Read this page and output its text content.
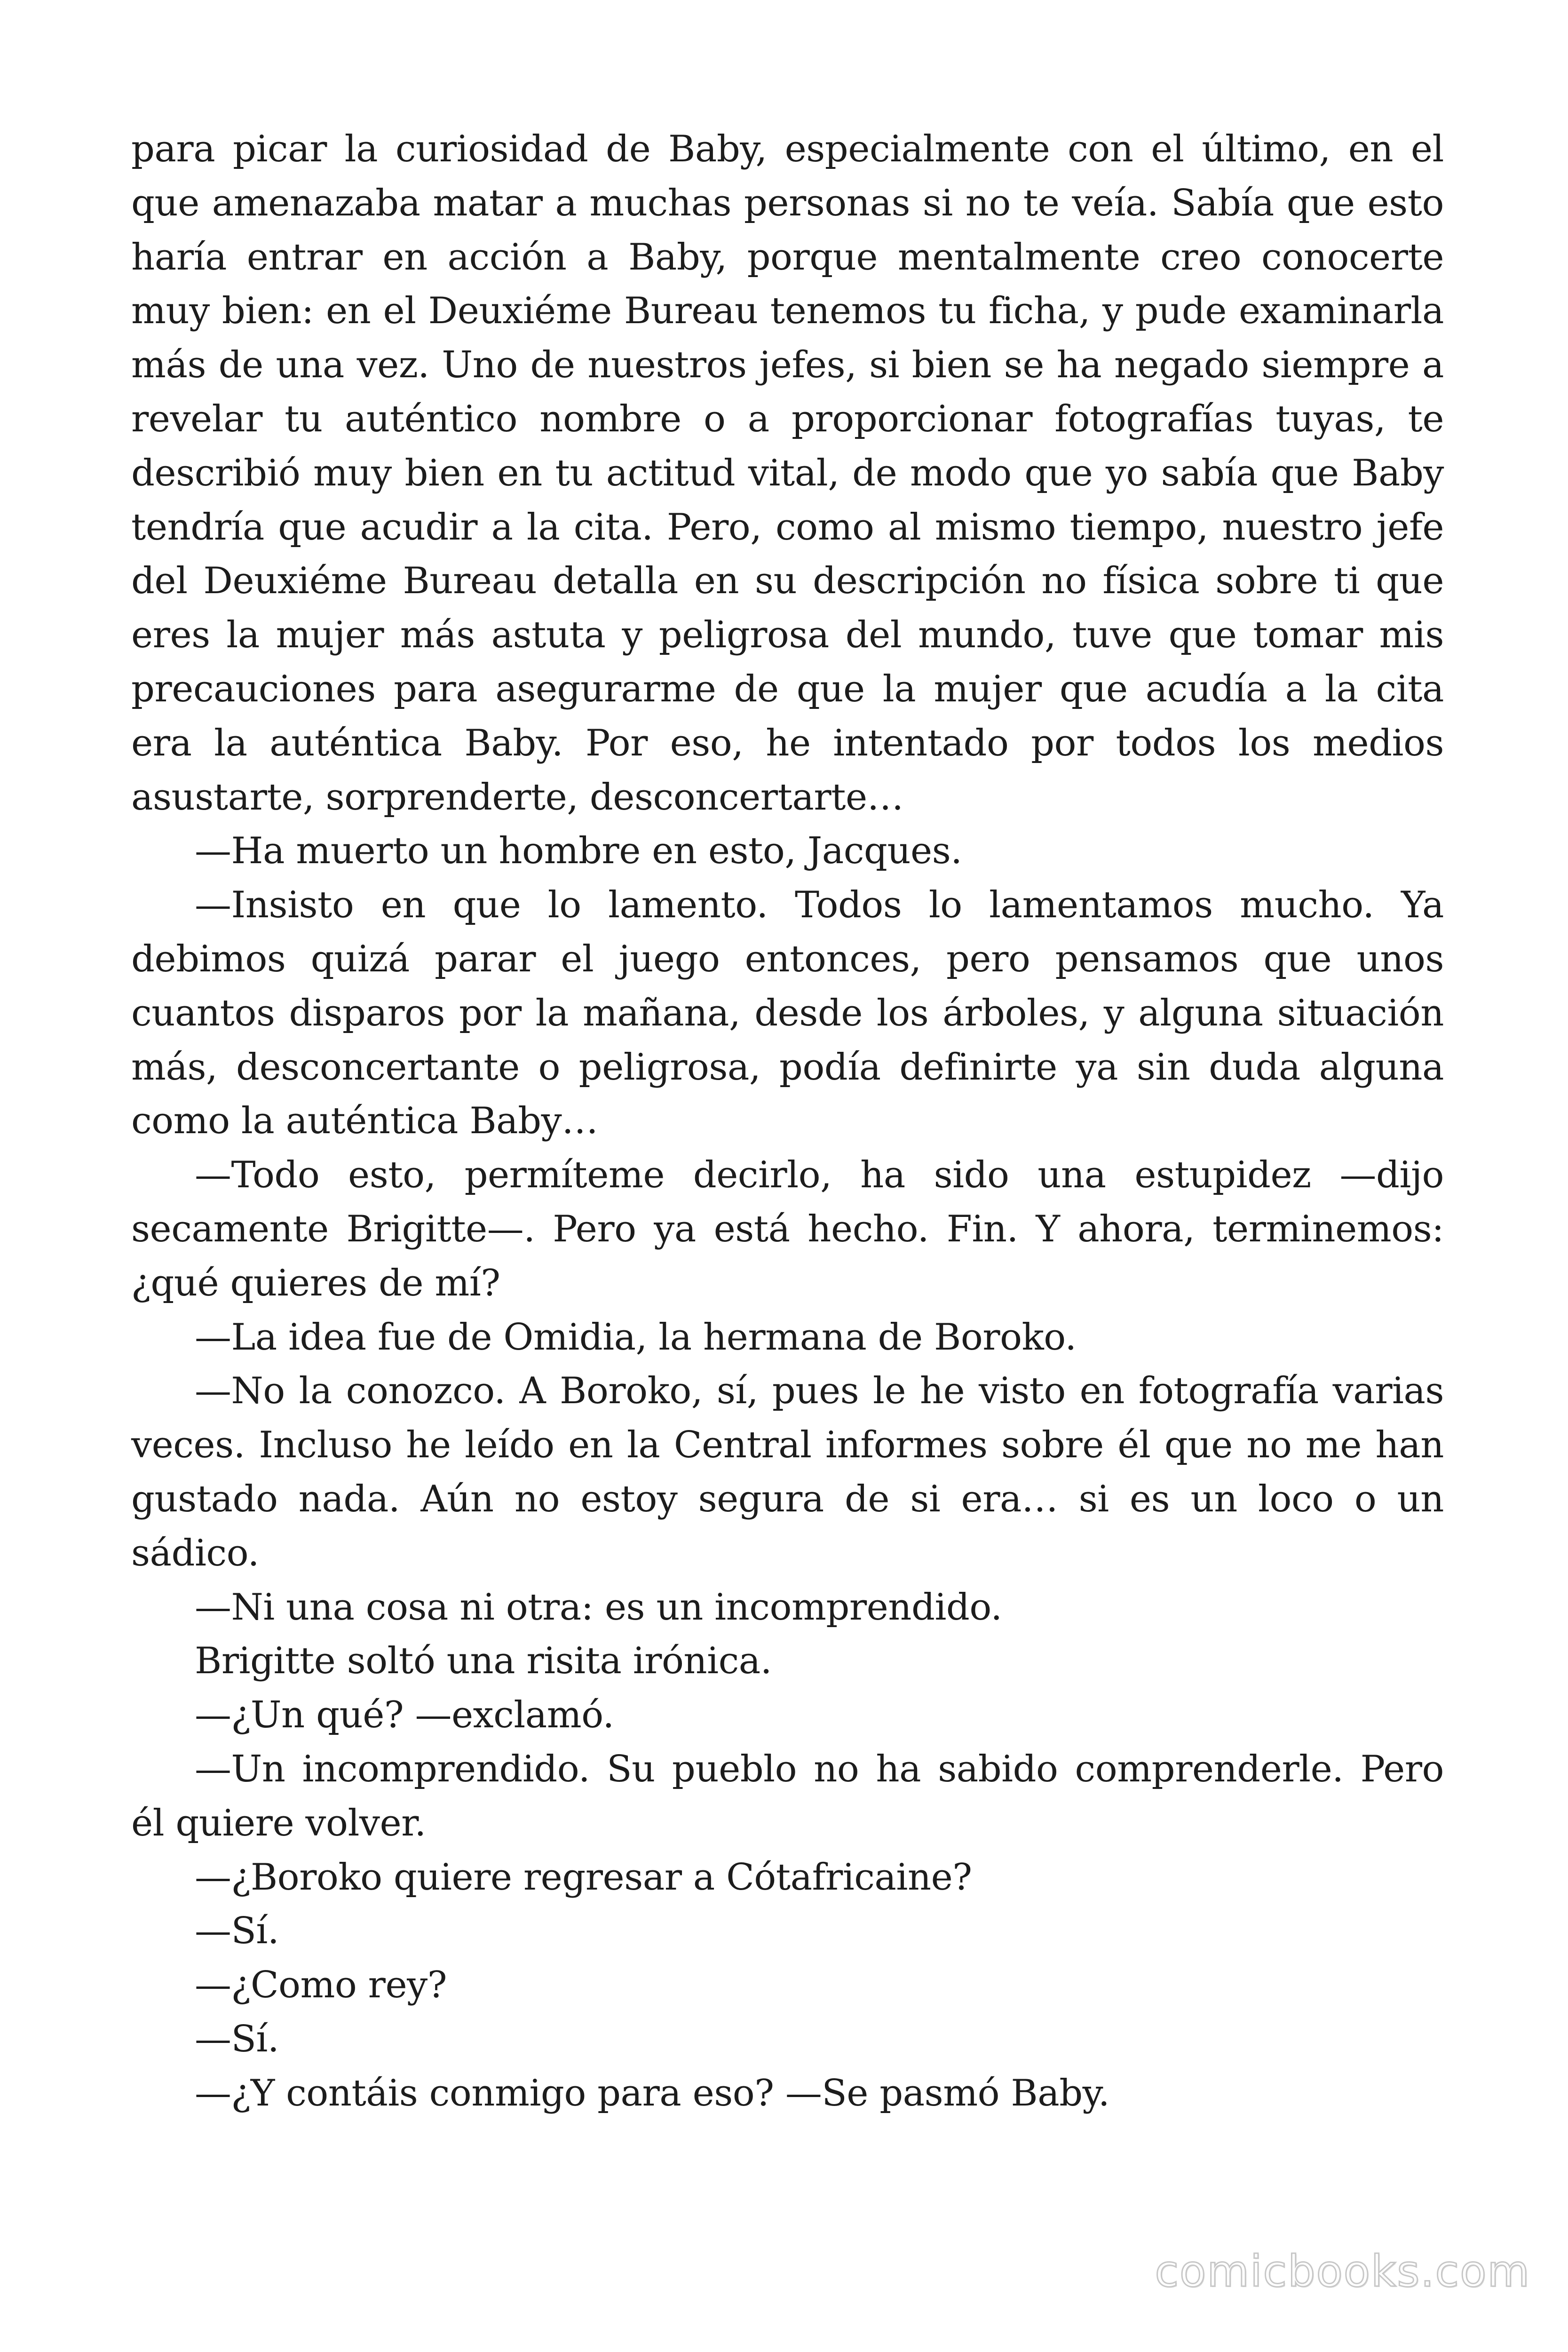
para picar la curiosidad de Baby, especialmente con el último, en el que amenazaba matar a muchas personas si no te veía. Sabía que esto haría entrar en acción a Baby, porque mentalmente creo conocerte muy bien: en el Deuxiéme Bureau tenemos tu ficha, y pude examinarla más de una vez. Uno de nuestros jefes, si bien se ha negado siempre a revelar tu auténtico nombre o a proporcionar fotografías tuyas, te describió muy bien en tu actitud vital, de modo que yo sabía que Baby tendría que acudir a la cita. Pero, como al mismo tiempo, nuestro jefe del Deuxiéme Bureau detalla en su descripción no física sobre ti que eres la mujer más astuta y peligrosa del mundo, tuve que tomar mis precauciones para asegurarme de que la mujer que acudía a la cita era la auténtica Baby. Por eso, he intentado por todos los medios asustarte, sorprenderte, desconcertarte…

—Ha muerto un hombre en esto, Jacques.

—Insisto en que lo lamento. Todos lo lamentamos mucho. Ya debimos quizá parar el juego entonces, pero pensamos que unos cuantos disparos por la mañana, desde los árboles, y alguna situación más, desconcertante o peligrosa, podía definirte ya sin duda alguna como la auténtica Baby…

—Todo esto, permíteme decirlo, ha sido una estupidez —dijo secamente Brigitte—. Pero ya está hecho. Fin. Y ahora, terminemos: ¿qué quieres de mí?

—La idea fue de Omidia, la hermana de Boroko.

—No la conozco. A Boroko, sí, pues le he visto en fotografía varias veces. Incluso he leído en la Central informes sobre él que no me han gustado nada. Aún no estoy segura de si era… si es un loco o un sádico.

—Ni una cosa ni otra: es un incomprendido.

Brigitte soltó una risita irónica.

—¿Un qué? —exclamó.

—Un incomprendido. Su pueblo no ha sabido comprenderle. Pero él quiere volver.

—¿Boroko quiere regresar a Cótafricaine?

—Sí.

—¿Como rey?

—Sí.

—¿Y contáis conmigo para eso? —Se pasmó Baby.

comicbooks.com
